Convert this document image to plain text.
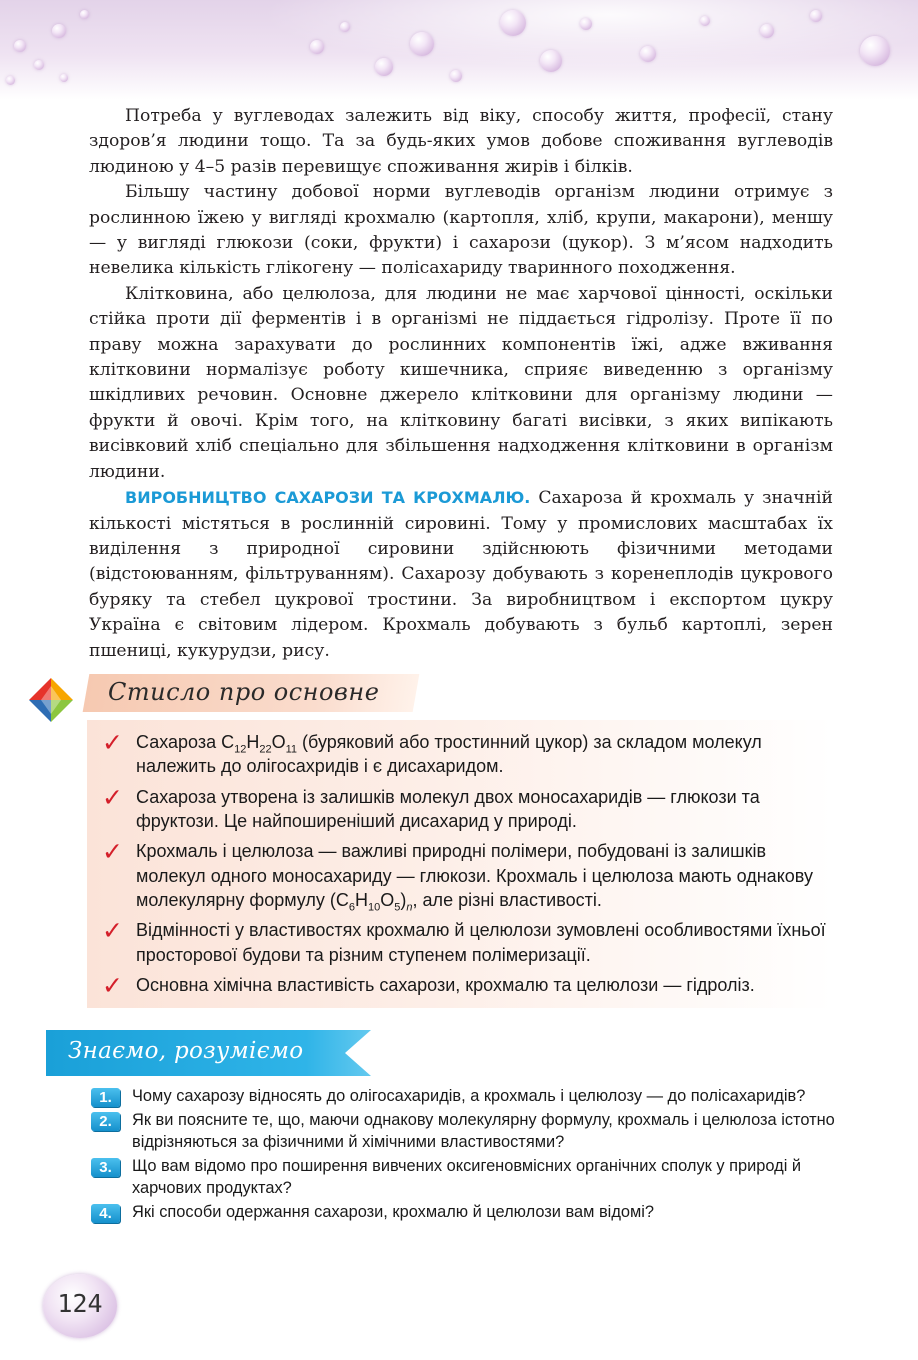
Потреба у вуглеводах залежить від віку, способу життя, професії, стану здоров’я людини тощо. Та за будь-яких умов добове споживання вуглеводів людиною у 4–5 разів перевищує споживання жирів і білків.

Більшу частину добової норми вуглеводів організм людини отримує з рослинною їжею у вигляді крохмалю (картопля, хліб, крупи, макарони), меншу — у вигляді глюкози (соки, фрукти) і сахарози (цукор). З м’ясом надходить невелика кількість глікогену — полісахариду тваринного походження.

Клітковина, або целюлоза, для людини не має харчової цінності, оскільки стійка проти дії ферментів і в організмі не піддається гідролізу. Проте її по праву можна зарахувати до рослинних компонентів їжі, адже вживання клітковини нормалізує роботу кишечника, сприяє виведенню з організму шкідливих речовин. Основне джерело клітковини для організму людини — фрукти й овочі. Крім того, на клітковину багаті висівки, з яких випікають висівковий хліб спеціально для збільшення надходження клітковини в організм людини.

ВИРОБНИЦТВО САХАРОЗИ ТА КРОХМАЛЮ. Сахароза й крохмаль у значній кількості містяться в рослинній сировині. Тому у промислових масштабах їх виділення з природної сировини здійснюють фізичними методами (відстоюванням, фільтруванням). Сахарозу добувають з коренеплодів цукрового буряку та стебел цукрової тростини. За виробництвом і експортом цукру Україна є світовим лідером. Крохмаль добувають з бульб картоплі, зерен пшениці, кукурудзи, рису.

Стисло про основне
✓ Сахароза $C_{12}H_{22}O_{11}$ (буряковий або тростинний цукор) за складом молекул належить до олігосахридів і є дисахаридом.
✓ Сахароза утворена із залишків молекул двох моносахаридів — глюкози та фруктози. Це найпоширеніший дисахарид у природі.
✓ Крохмаль і целюлоза — важливі природні полімери, побудовані із залишків молекул одного моносахариду — глюкози. Крохмаль і целюлоза мають однакову молекулярну формулу $(C_6H_{10}O_5)_n$, але різні властивості.
✓ Відмінності у властивостях крохмалю й целюлози зумовлені особливостями їхньої просторової будови та різним ступенем полімеризації.
✓ Основна хімічна властивість сахарози, крохмалю та целюлози — гідроліз.
Знаємо, розуміємо
1.	Чому сахарозу відносять до олігосахаридів, а крохмаль і целюлозу — до полісахаридів?
2.	Як ви поясните те, що, маючи однакову молекулярну формулу, крохмаль і целюлоза істотно відрізняються за фізичними й хімічними властивостями?
3.	Що вам відомо про поширення вивчених оксигеновмісних органічних сполук у природі й харчових продуктах?
4.	Які способи одержання сахарози, крохмалю й целюлози вам відомі?
124
